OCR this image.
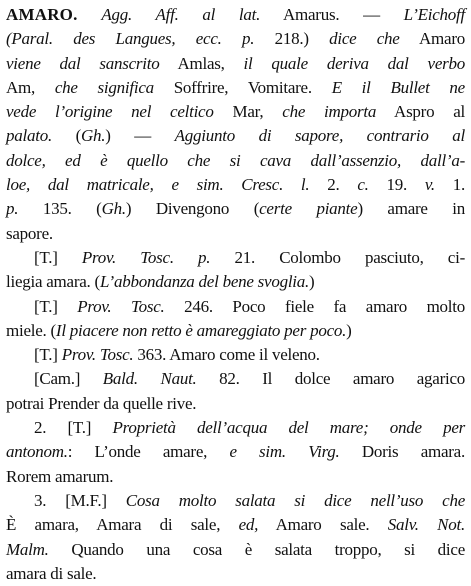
AMARO. Agg. Aff. al lat. Amarus. — L’Eichoff
(Paral. des Langues, ecc. p. 218.) dice che Amaro
viene dal sanscrito Amlas, il quale deriva dal verbo
Am, che significa Soffrire, Vomitare. E il Bullet ne
vede l’origine nel celtico Mar, che importa Aspro al
palato. (Gh.) — Aggiunto di sapore, contrario al
dolce, ed è quello che si cava dall’assenzio, dall’a-
loe, dal matricale, e sim. Cresc. l. 2. c. 19. v. 1.
p. 135. (Gh.) Divengono (certe piante) amare in
sapore.
[T.] Prov. Tosc. p. 21. Colombo pasciuto, ci-
liegia amara. (L’abbondanza del bene svoglia.)
[T.] Prov. Tosc. 246. Poco fiele fa amaro molto
miele. (Il piacere non retto è amareggiato per poco.)
[T.] Prov. Tosc. 363. Amaro come il veleno.
[Cam.] Bald. Naut. 82. Il dolce amaro agarico
potrai Prender da quelle rive.
2. [T.] Proprietà dell’acqua del mare; onde per
antonom.: L’onde amare, e sim. Virg. Doris amara.
Rorem amarum.
3. [M.F.] Cosa molto salata si dice nell’uso che
È amara, Amara di sale, ed, Amaro sale. Salv. Not.
Malm. Quando una cosa è salata troppo, si dice
amara di sale.
